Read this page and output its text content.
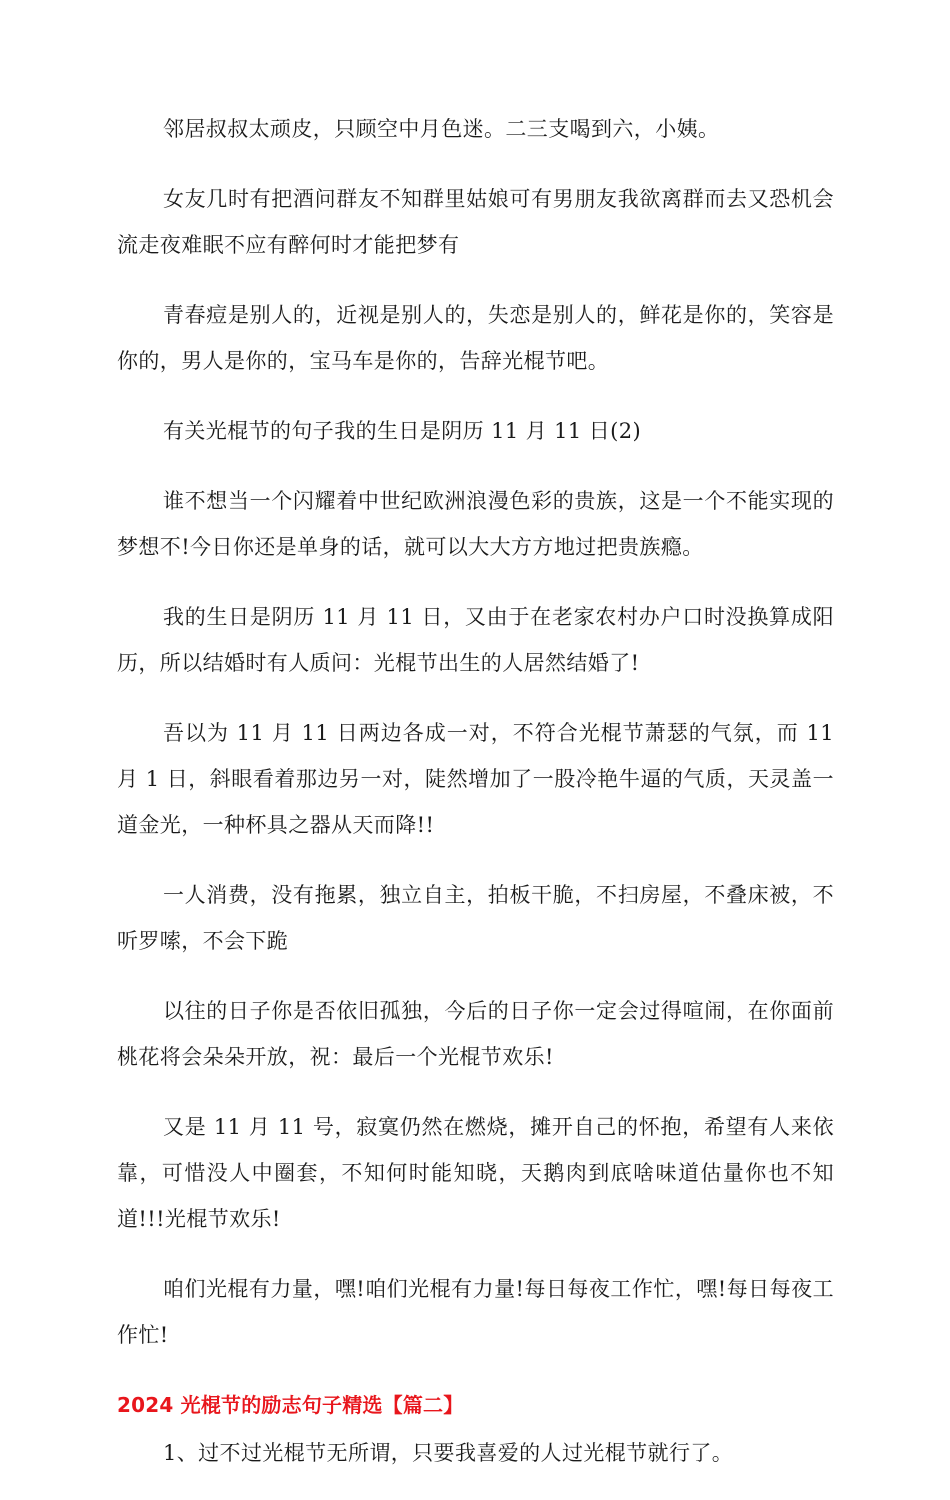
邻居叔叔太顽皮，只顾空中月色迷。二三支喝到六，小姨。

女友几时有把酒问群友不知群里姑娘可有男朋友我欲离群而去又恐机会流走夜难眠不应有醉何时才能把梦有

青春痘是别人的，近视是别人的，失恋是别人的，鲜花是你的，笑容是你的，男人是你的，宝马车是你的，告辞光棍节吧。

有关光棍节的句子我的生日是阴历 11 月 11 日(2)

谁不想当一个闪耀着中世纪欧洲浪漫色彩的贵族，这是一个不能实现的梦想不!今日你还是单身的话，就可以大大方方地过把贵族瘾。

我的生日是阴历 11 月 11 日，又由于在老家农村办户口时没换算成阳历，所以结婚时有人质问：光棍节出生的人居然结婚了!

吾以为 11 月 11 日两边各成一对，不符合光棍节萧瑟的气氛，而 11 月 1 日，斜眼看着那边另一对，陡然增加了一股冷艳牛逼的气质，天灵盖一道金光，一种杯具之器从天而降!!

一人消费，没有拖累，独立自主，拍板干脆，不扫房屋，不叠床被，不听罗嗦，不会下跪

以往的日子你是否依旧孤独，今后的日子你一定会过得喧闹，在你面前桃花将会朵朵开放，祝：最后一个光棍节欢乐!

又是 11 月 11 号，寂寞仍然在燃烧，摊开自己的怀抱，希望有人来依靠，可惜没人中圈套，不知何时能知晓，天鹅肉到底啥味道估量你也不知道!!!光棍节欢乐!

咱们光棍有力量，嘿!咱们光棍有力量!每日每夜工作忙，嘿!每日每夜工作忙!

2024 光棍节的励志句子精选【篇二】

1、过不过光棍节无所谓，只要我喜爱的人过光棍节就行了。
